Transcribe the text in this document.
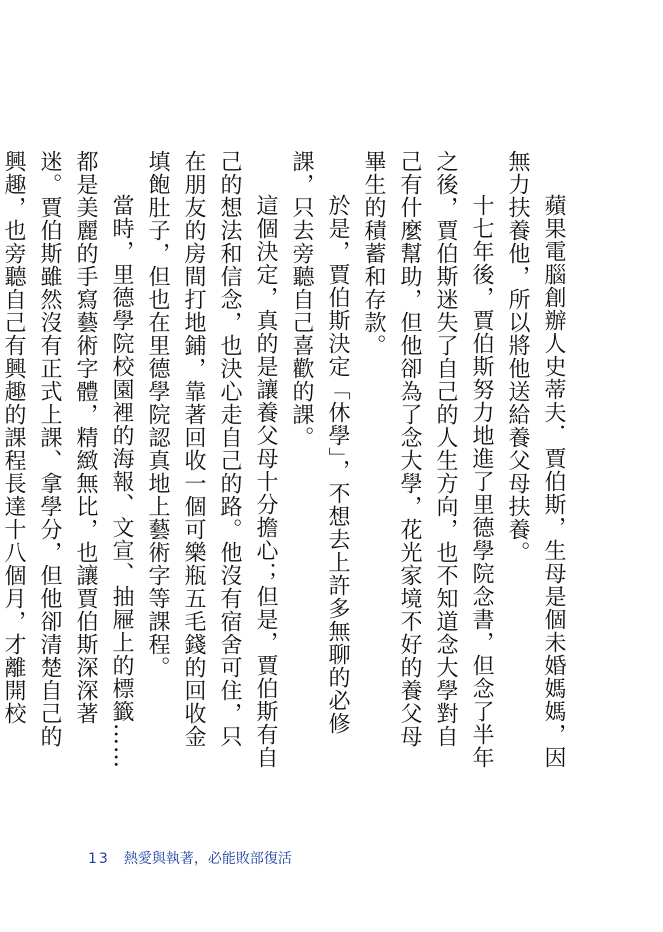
蘋果電腦創辦人史蒂夫．賈伯斯，生母是個未婚媽媽，因無力扶養他，所以將他送給養父母扶養。

十七年後，賈伯斯努力地進了里德學院念書，但念了半年之後，賈伯斯迷失了自己的人生方向，也不知道念大學對自己有什麼幫助，但他卻為了念大學，花光家境不好的養父母畢生的積蓄和存款。

於是，賈伯斯決定「休學」，不想去上許多無聊的必修課，只去旁聽自己喜歡的課。

這個決定，真的是讓養父母十分擔心；但是，賈伯斯有自己的想法和信念，也決心走自己的路。他沒有宿舍可住，只在朋友的房間打地鋪，靠著回收一個可樂瓶五毛錢的回收金填飽肚子，但也在里德學院認真地上藝術字等課程。

當時，里德學院校園裡的海報、文宣、抽屜上的標籤……都是美麗的手寫藝術字體，精緻無比，也讓賈伯斯深深著迷。賈伯斯雖然沒有正式上課、拿學分，但他卻清楚自己的興趣，也旁聽自己有興趣的課程長達十八個月，才離開校

13 熱愛與執著，必能敗部復活
